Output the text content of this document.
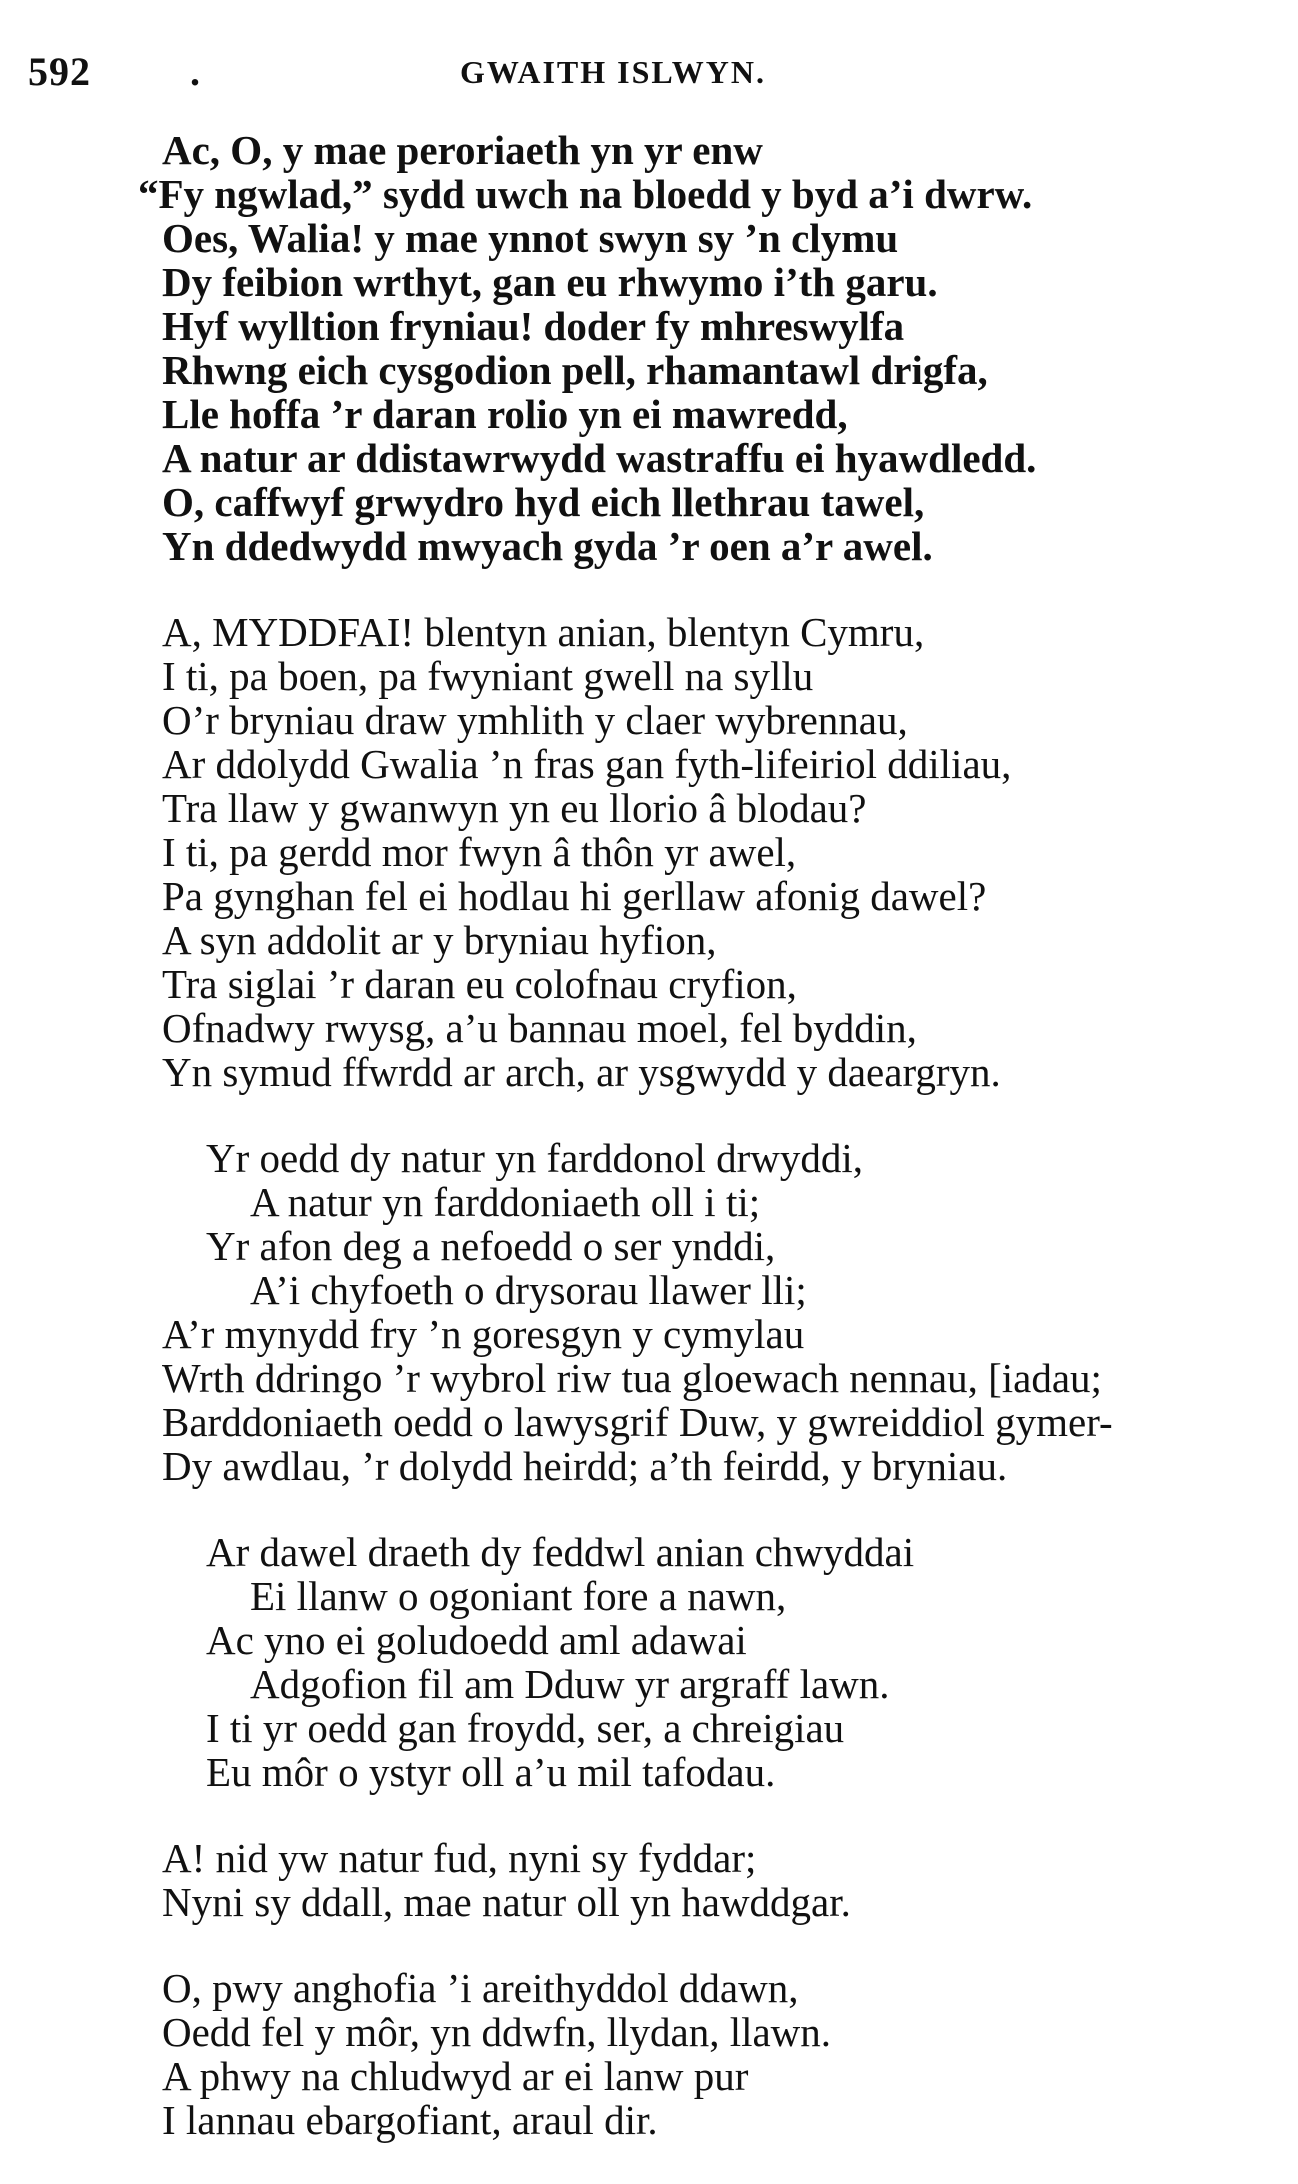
592 .	GWAITH ISLWYN.
Ac, O, y mae peroriaeth yn yr enw
“Fy ngwlad,” sydd uwch na bloedd y byd a’i dwrw.
Oes, Walia! y mae ynnot swyn sy ’n clymu
Dy feibion wrthyt, gan eu rhwymo i’th garu.
Hyf wylltion fryniau! doder fy mhreswylfa
Rhwng eich cysgodion pell, rhamantawl drigfa,
Lle hoffa ’r daran rolio yn ei mawredd,
A natur ar ddistawrwydd wastraffu ei hyawdledd.
O, caffwyf grwydro hyd eich llethrau tawel,
Yn ddedwydd mwyach gyda ’r oen a’r awel.
A, MYDDFAI! blentyn anian, blentyn Cymru,
I ti, pa boen, pa fwyniant gwell na syllu
O’r bryniau draw ymhlith y claer wybrennau,
Ar ddolydd Gwalia ’n fras gan fyth-lifeiriol ddiliau,
Tra llaw y gwanwyn yn eu llorio â blodau?
I ti, pa gerdd mor fwyn â thôn yr awel,
Pa gynghan fel ei hodlau hi gerllaw afonig dawel?
A syn addolit ar y bryniau hyfion,
Tra siglai ’r daran eu colofnau cryfion,
Ofnadwy rwysg, a’u bannau moel, fel byddin,
Yn symud ffwrdd ar arch, ar ysgwydd y daeargryn.
Yr oedd dy natur yn farddonol drwyddi,
A natur yn farddoniaeth oll i ti;
Yr afon deg a nefoedd o ser ynddi,
A’i chyfoeth o drysorau llawer lli;
A’r mynydd fry ’n goresgyn y cymylau
Wrth ddringo ’r wybrol riw tua gloewach nennau, [iadau;
Barddoniaeth oedd o lawysgrif Duw, y gwreiddiol gymer-
Dy awdlau, ’r dolydd heirdd; a’th feirdd, y bryniau.
Ar dawel draeth dy feddwl anian chwyddai
Ei llanw o ogoniant fore a nawn,
Ac yno ei goludoedd aml adawai
Adgofion fil am Dduw yr argraff lawn.
I ti yr oedd gan froydd, ser, a chreigiau
Eu môr o ystyr oll a’u mil tafodau.
A! nid yw natur fud, nyni sy fyddar;
Nyni sy ddall, mae natur oll yn hawddgar.
O, pwy anghofia ’i areithyddol ddawn,
Oedd fel y môr, yn ddwfn, llydan, llawn.
A phwy na chludwyd ar ei lanw pur
I lannau ebargofiant, araul dir.
